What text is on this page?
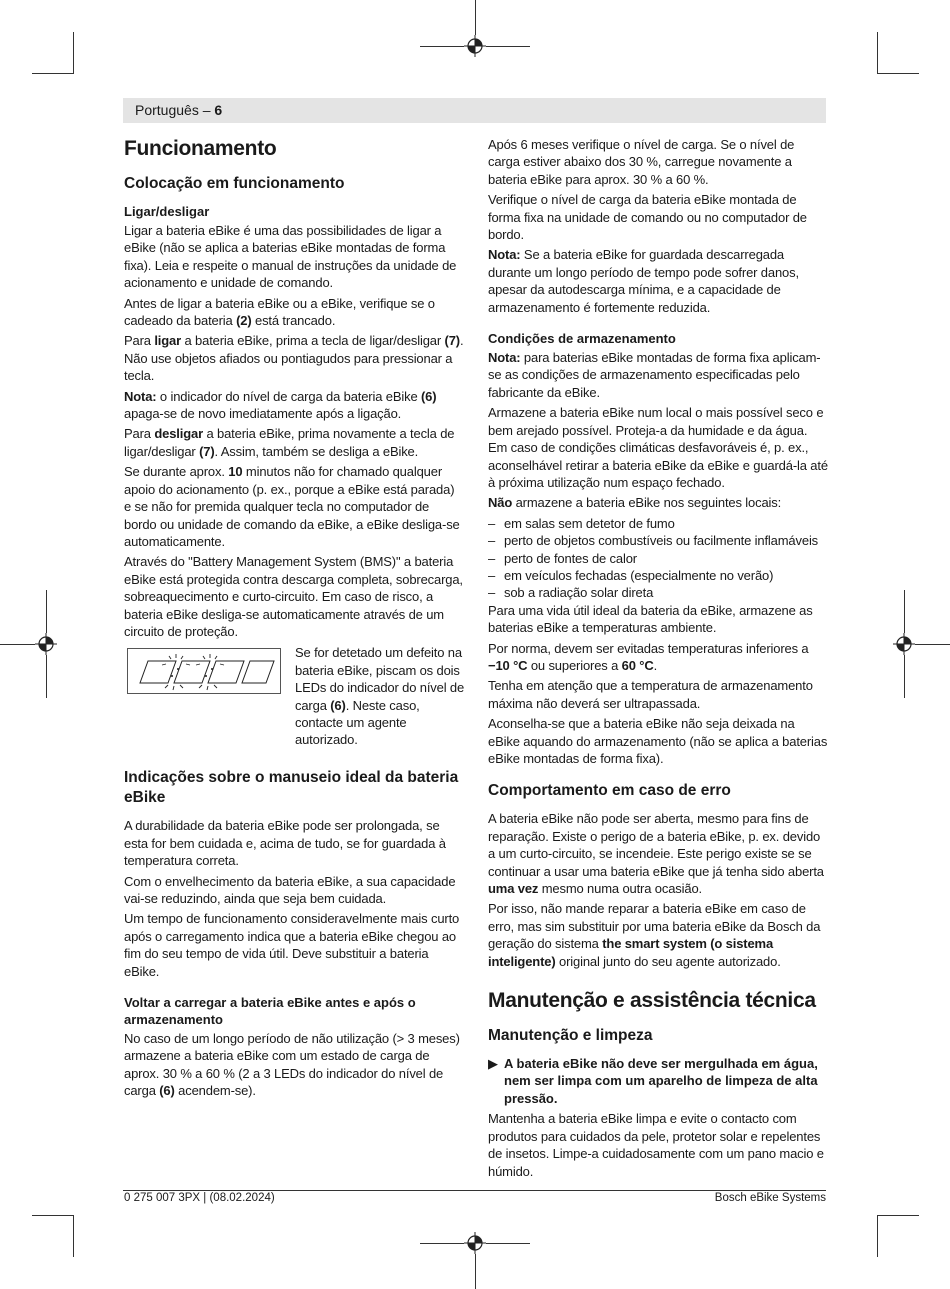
Português – 6
Funcionamento
Colocação em funcionamento
Ligar/desligar

Ligar a bateria eBike é uma das possibilidades de ligar a eBike (não se aplica a baterias eBike montadas de forma fixa). Leia e respeite o manual de instruções da unidade de acionamento e unidade de comando.

Antes de ligar a bateria eBike ou a eBike, verifique se o cadeado da bateria (2) está trancado.

Para ligar a bateria eBike, prima a tecla de ligar/desligar (7). Não use objetos afiados ou pontiagudos para pressionar a tecla.

Nota: o indicador do nível de carga da bateria eBike (6) apaga-se de novo imediatamente após a ligação.

Para desligar a bateria eBike, prima novamente a tecla de ligar/desligar (7). Assim, também se desliga a eBike.

Se durante aprox. 10 minutos não for chamado qualquer apoio do acionamento (p. ex., porque a eBike está parada) e se não for premida qualquer tecla no computador de bordo ou unidade de comando da eBike, a eBike desliga-se automaticamente.

Através do "Battery Management System (BMS)" a bateria eBike está protegida contra descarga completa, sobrecarga, sobreaquecimento e curto-circuito. Em caso de risco, a bateria eBike desliga-se automaticamente através de um circuito de proteção.

Se for detetado um defeito na bateria eBike, piscam os dois LEDs do indicador do nível de carga (6). Neste caso, contacte um agente autorizado.

Indicações sobre o manuseio ideal da bateria eBike

A durabilidade da bateria eBike pode ser prolongada, se esta for bem cuidada e, acima de tudo, se for guardada à temperatura correta.

Com o envelhecimento da bateria eBike, a sua capacidade vai-se reduzindo, ainda que seja bem cuidada.

Um tempo de funcionamento consideravelmente mais curto após o carregamento indica que a bateria eBike chegou ao fim do seu tempo de vida útil. Deve substituir a bateria eBike.

Voltar a carregar a bateria eBike antes e após o armazenamento

No caso de um longo período de não utilização (> 3 meses) armazene a bateria eBike com um estado de carga de aprox. 30 % a 60 % (2 a 3 LEDs do indicador do nível de carga (6) acendem-se).

Após 6 meses verifique o nível de carga. Se o nível de carga estiver abaixo dos 30 %, carregue novamente a bateria eBike para aprox. 30 % a 60 %.

Verifique o nível de carga da bateria eBike montada de forma fixa na unidade de comando ou no computador de bordo.

Nota: Se a bateria eBike for guardada descarregada durante um longo período de tempo pode sofrer danos, apesar da autodescarga mínima, e a capacidade de armazenamento é fortemente reduzida.

Condições de armazenamento

Nota: para baterias eBike montadas de forma fixa aplicam-se as condições de armazenamento especificadas pelo fabricante da eBike.

Armazene a bateria eBike num local o mais possível seco e bem arejado possível. Proteja-a da humidade e da água. Em caso de condições climáticas desfavoráveis é, p. ex., aconselhável retirar a bateria eBike da eBike e guardá-la até à próxima utilização num espaço fechado.

Não armazene a bateria eBike nos seguintes locais:

– em salas sem detetor de fumo
– perto de objetos combustíveis ou facilmente inflamáveis
– perto de fontes de calor
– em veículos fechadas (especialmente no verão)
– sob a radiação solar direta

Para uma vida útil ideal da bateria da eBike, armazene as baterias eBike a temperaturas ambiente.

Por norma, devem ser evitadas temperaturas inferiores a −10 °C ou superiores a 60 °C.

Tenha em atenção que a temperatura de armazenamento máxima não deverá ser ultrapassada.

Aconselha-se que a bateria eBike não seja deixada na eBike aquando do armazenamento (não se aplica a baterias eBike montadas de forma fixa).

Comportamento em caso de erro

A bateria eBike não pode ser aberta, mesmo para fins de reparação. Existe o perigo de a bateria eBike, p. ex. devido a um curto-circuito, se incendeie. Este perigo existe se se continuar a usar uma bateria eBike que já tenha sido aberta uma vez mesmo numa outra ocasião.

Por isso, não mande reparar a bateria eBike em caso de erro, mas sim substituir por uma bateria eBike da Bosch da geração do sistema the smart system (o sistema inteligente) original junto do seu agente autorizado.

Manutenção e assistência técnica
Manutenção e limpeza
▶ A bateria eBike não deve ser mergulhada em água, nem ser limpa com um aparelho de limpeza de alta pressão.

Mantenha a bateria eBike limpa e evite o contacto com produtos para cuidados da pele, protetor solar e repelentes de insetos. Limpe-a cuidadosamente com um pano macio e húmido.

0 275 007 3PX | (08.02.2024)	Bosch eBike Systems
